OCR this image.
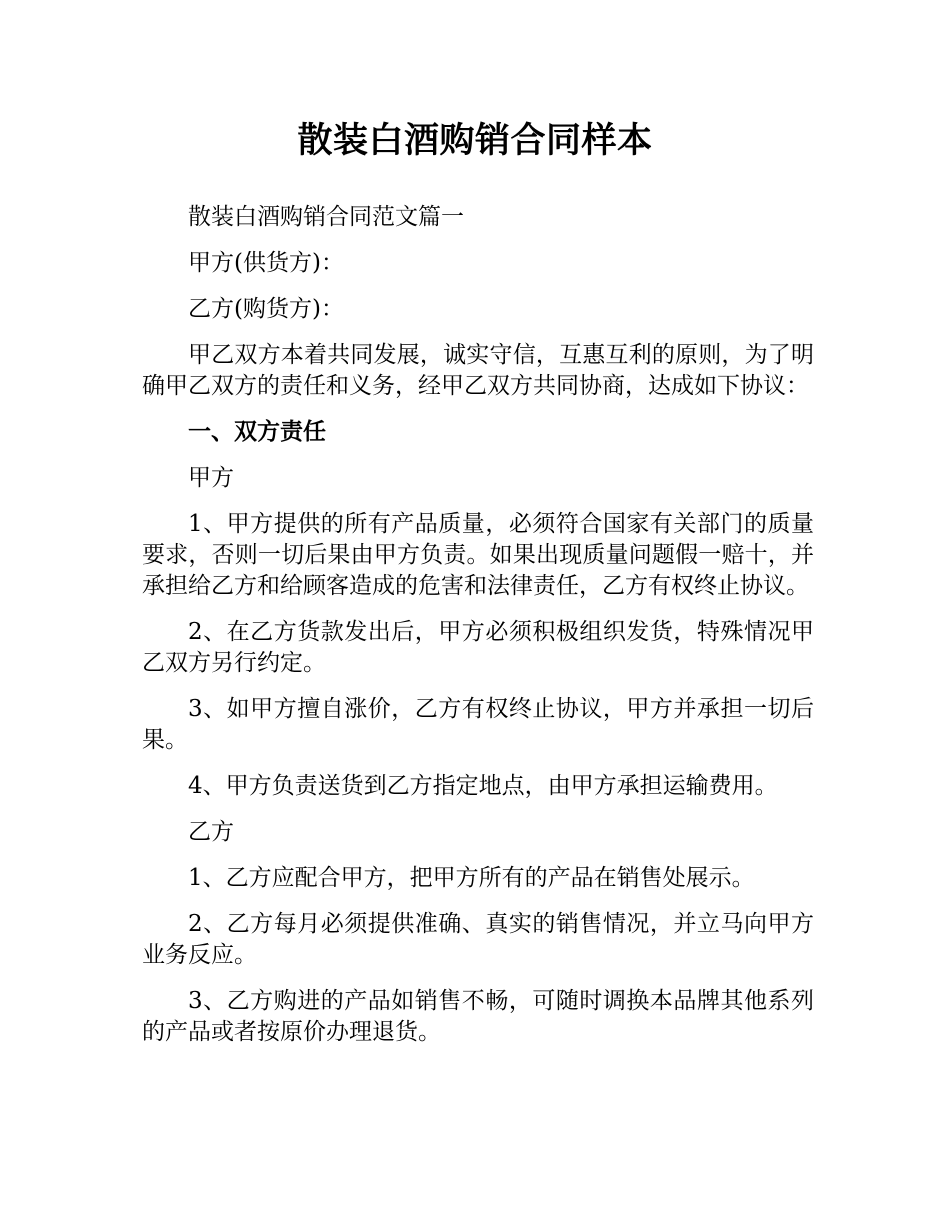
散装白酒购销合同样本

散装白酒购销合同范文篇一

甲方(供货方)：

乙方(购货方)：

甲乙双方本着共同发展，诚实守信，互惠互利的原则，为了明确甲乙双方的责任和义务，经甲乙双方共同协商，达成如下协议：

一、双方责任

甲方

1、甲方提供的所有产品质量，必须符合国家有关部门的质量要求，否则一切后果由甲方负责。如果出现质量问题假一赔十，并承担给乙方和给顾客造成的危害和法律责任，乙方有权终止协议。

2、在乙方货款发出后，甲方必须积极组织发货，特殊情况甲乙双方另行约定。

3、如甲方擅自涨价，乙方有权终止协议，甲方并承担一切后果。

4、甲方负责送货到乙方指定地点，由甲方承担运输费用。

乙方

1、乙方应配合甲方，把甲方所有的产品在销售处展示。

2、乙方每月必须提供准确、真实的销售情况，并立马向甲方业务反应。

3、乙方购进的产品如销售不畅，可随时调换本品牌其他系列的产品或者按原价办理退货。
